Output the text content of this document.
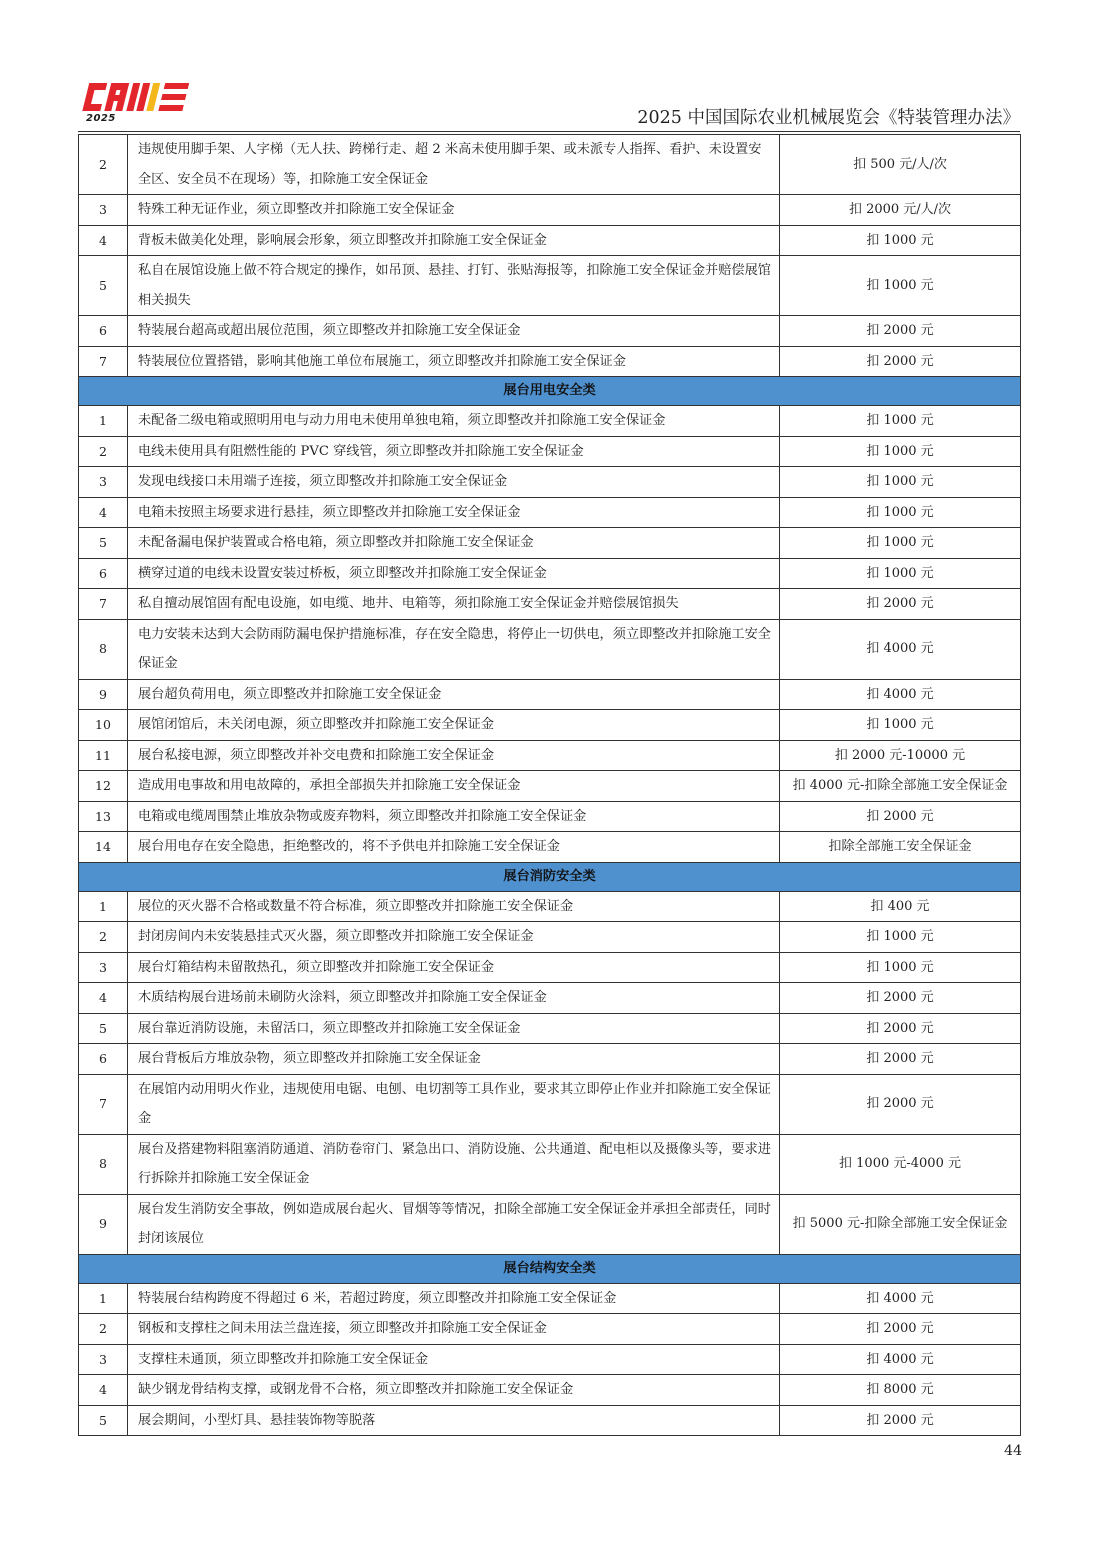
2025	2025 中国国际农业机械展览会《特装管理办法》
2	违规使用脚手架、人字梯（无人扶、跨梯行走、超 2 米高未使用脚手架、或未派专人指挥、看护、未设置安全区、安全员不在现场）等，扣除施工安全保证金	扣 500 元/人/次
3	特殊工种无证作业，须立即整改并扣除施工安全保证金	扣 2000 元/人/次
4	背板未做美化处理，影响展会形象，须立即整改并扣除施工安全保证金	扣 1000 元
5	私自在展馆设施上做不符合规定的操作，如吊顶、悬挂、打钉、张贴海报等，扣除施工安全保证金并赔偿展馆相关损失	扣 1000 元
6	特装展台超高或超出展位范围，须立即整改并扣除施工安全保证金	扣 2000 元
7	特装展位位置搭错，影响其他施工单位布展施工，须立即整改并扣除施工安全保证金	扣 2000 元
展台用电安全类		
1	未配备二级电箱或照明用电与动力用电未使用单独电箱，须立即整改并扣除施工安全保证金	扣 1000 元
2	电线未使用具有阻燃性能的 PVC 穿线管，须立即整改并扣除施工安全保证金	扣 1000 元
3	发现电线接口未用端子连接，须立即整改并扣除施工安全保证金	扣 1000 元
4	电箱未按照主场要求进行悬挂，须立即整改并扣除施工安全保证金	扣 1000 元
5	未配备漏电保护装置或合格电箱，须立即整改并扣除施工安全保证金	扣 1000 元
6	横穿过道的电线未设置安装过桥板，须立即整改并扣除施工安全保证金	扣 1000 元
7	私自擅动展馆固有配电设施，如电缆、地井、电箱等，须扣除施工安全保证金并赔偿展馆损失	扣 2000 元
8	电力安装未达到大会防雨防漏电保护措施标准，存在安全隐患，将停止一切供电，须立即整改并扣除施工安全保证金	扣 4000 元
9	展台超负荷用电，须立即整改并扣除施工安全保证金	扣 4000 元
10	展馆闭馆后，未关闭电源，须立即整改并扣除施工安全保证金	扣 1000 元
11	展台私接电源，须立即整改并补交电费和扣除施工安全保证金	扣 2000 元-10000 元
12	造成用电事故和用电故障的，承担全部损失并扣除施工安全保证金	扣 4000 元-扣除全部施工安全保证金
13	电箱或电缆周围禁止堆放杂物或废弃物料，须立即整改并扣除施工安全保证金	扣 2000 元
14	展台用电存在安全隐患，拒绝整改的，将不予供电并扣除施工安全保证金	扣除全部施工安全保证金
展台消防安全类		
1	展位的灭火器不合格或数量不符合标准，须立即整改并扣除施工安全保证金	扣 400 元
2	封闭房间内未安装悬挂式灭火器，须立即整改并扣除施工安全保证金	扣 1000 元
3	展台灯箱结构未留散热孔，须立即整改并扣除施工安全保证金	扣 1000 元
4	木质结构展台进场前未刷防火涂料，须立即整改并扣除施工安全保证金	扣 2000 元
5	展台靠近消防设施，未留活口，须立即整改并扣除施工安全保证金	扣 2000 元
6	展台背板后方堆放杂物，须立即整改并扣除施工安全保证金	扣 2000 元
7	在展馆内动用明火作业，违规使用电锯、电刨、电切割等工具作业，要求其立即停止作业并扣除施工安全保证金	扣 2000 元
8	展台及搭建物料阻塞消防通道、消防卷帘门、紧急出口、消防设施、公共通道、配电柜以及摄像头等，要求进行拆除并扣除施工安全保证金	扣 1000 元-4000 元
9	展台发生消防安全事故，例如造成展台起火、冒烟等等情况，扣除全部施工安全保证金并承担全部责任，同时封闭该展位	扣 5000 元-扣除全部施工安全保证金
展台结构安全类		
1	特装展台结构跨度不得超过 6 米，若超过跨度，须立即整改并扣除施工安全保证金	扣 4000 元
2	钢板和支撑柱之间未用法兰盘连接，须立即整改并扣除施工安全保证金	扣 2000 元
3	支撑柱未通顶，须立即整改并扣除施工安全保证金	扣 4000 元
4	缺少钢龙骨结构支撑，或钢龙骨不合格，须立即整改并扣除施工安全保证金	扣 8000 元
5	展会期间，小型灯具、悬挂装饰物等脱落	扣 2000 元
44
